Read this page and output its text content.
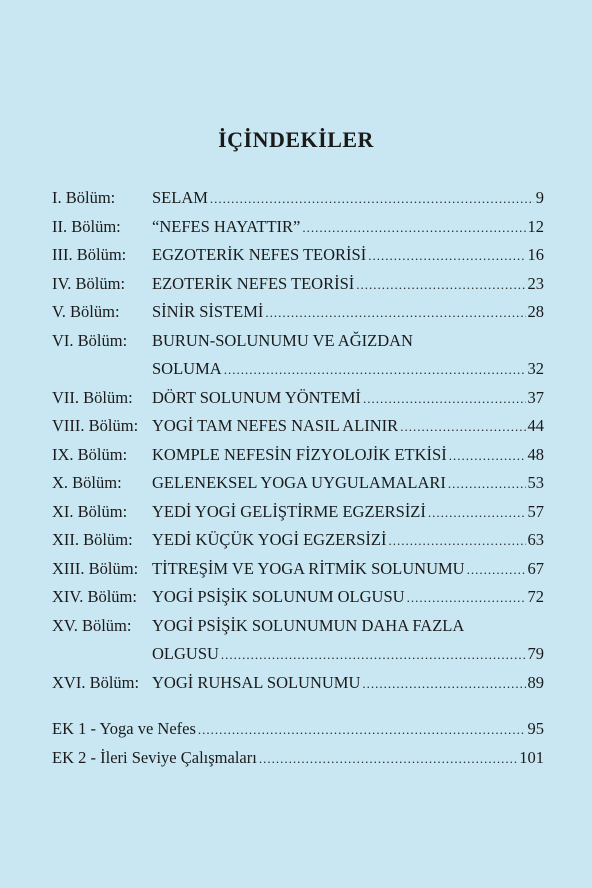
İÇİNDEKİLER
I. Bölüm:	SELAM .....	9
II. Bölüm:	“NEFES HAYATTIR” .....	12
III. Bölüm:	EGZOTERİK NEFES TEORİSİ .....	16
IV. Bölüm:	EZOTERİK NEFES TEORİSİ .....	23
V. Bölüm:	SİNİR SİSTEMİ .....	28
VI. Bölüm:	BURUN-SOLUNUMU VE AĞIZDAN
SOLUMA .....	32
VII. Bölüm:	DÖRT SOLUNUM YÖNTEMİ .....	37
VIII. Bölüm: YOGİ TAM NEFES NASIL ALINIR .....	44
IX. Bölüm:	KOMPLE NEFESİN FİZYOLOJİK ETKİSİ .....	48
X. Bölüm:	GELENEKSEL YOGA UYGULAMALARI .....	53
XI. Bölüm:	YEDİ YOGİ GELİŞTİRME EGZERSİZİ .....	57
XII. Bölüm:	YEDİ KÜÇÜK YOGİ EGZERSİZİ .....	63
XIII. Bölüm: TİTREŞİM VE YOGA RİTMİK SOLUNUMU .....	67
XIV. Bölüm: YOGİ PSİŞİK SOLUNUM OLGUSU .....	72
XV. Bölüm:	YOGİ PSİŞİK SOLUNUMUN DAHA FAZLA
OLGUSU .....	79
XVI. Bölüm: YOGİ RUHSAL SOLUNUMU .....	89
EK 1 - Yoga ve Nefes .....	95
EK 2 - İleri Seviye Çalışmaları .....	101
